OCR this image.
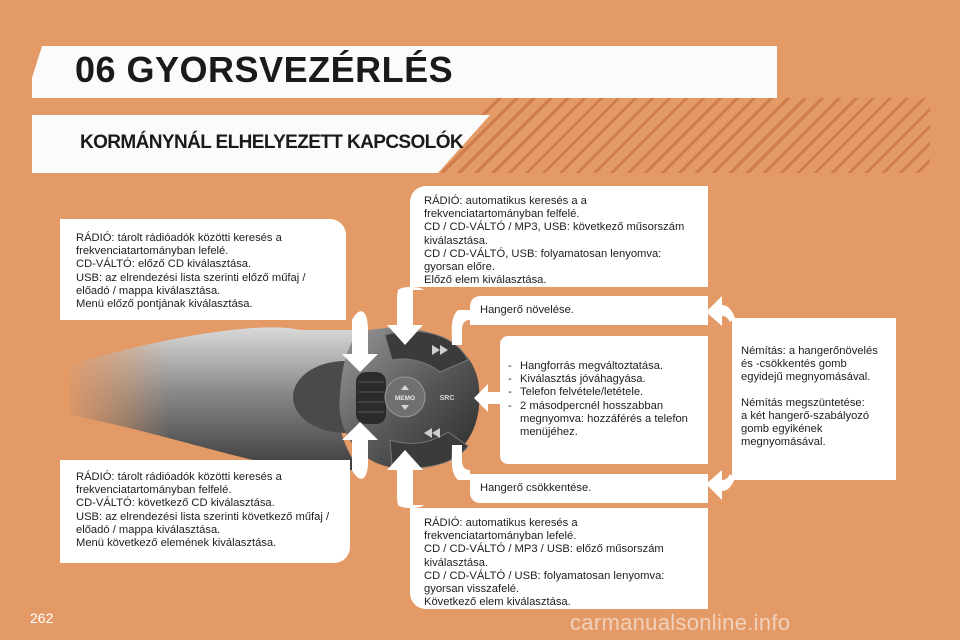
06 GYORSVEZÉRLÉS
KORMÁNYNÁL ELHELYEZETT KAPCSOLÓK
MEMO	SRC
RÁDIÓ: tárolt rádióadók közötti keresés a
frekvenciatartományban lefelé.
CD-VÁLTÓ: előző CD kiválasztása.
USB: az elrendezési lista szerinti előző műfaj /
előadó / mappa kiválasztása.
Menü előző pontjának kiválasztása.
RÁDIÓ: tárolt rádióadók közötti keresés a
frekvenciatartományban felfelé.
CD-VÁLTÓ: következő CD kiválasztása.
USB: az elrendezési lista szerinti következő műfaj /
előadó / mappa kiválasztása.
Menü következő elemének kiválasztása.
RÁDIÓ: automatikus keresés a a
frekvenciatartományban felfelé.
CD / CD-VÁLTÓ / MP3, USB: következő műsorszám
kiválasztása.
CD / CD-VÁLTÓ, USB: folyamatosan lenyomva:
gyorsan előre.
Előző elem kiválasztása.
RÁDIÓ: automatikus keresés a
frekvenciatartományban lefelé.
CD / CD-VÁLTÓ / MP3 / USB: előző műsorszám
kiválasztása.
CD / CD-VÁLTÓ / USB: folyamatosan lenyomva:
gyorsan visszafelé.
Következő elem kiválasztása.
Hangerő növelése.
Hangerő csökkentése.
- Hangforrás megváltoztatása.
- Kiválasztás jóváhagyása.
- Telefon felvétele/letétele.
- 2 másodpercnél hosszabban
megnyomva: hozzáférés a telefon
menüjéhez.
Némítás: a hangerőnövelés
és -csökkentés gomb
egyidejű megnyomásával.
Némítás megszüntetése:
a két hangerő-szabályozó
gomb egyikének
megnyomásával.
262	carmanualsonline.info
